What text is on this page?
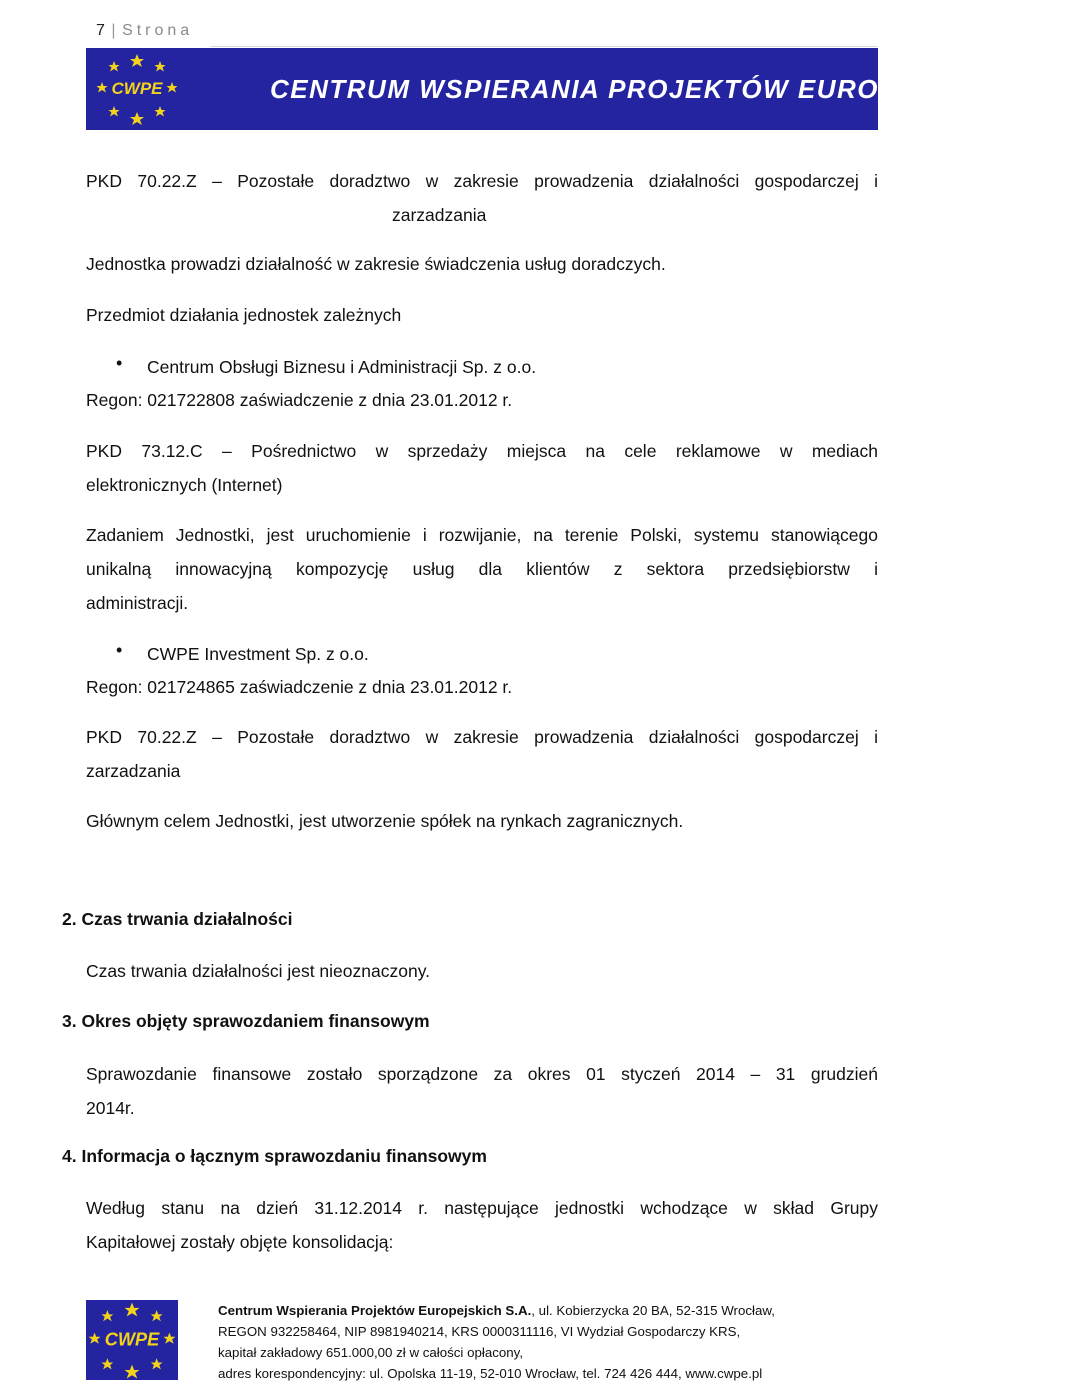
7 | Strona
CWPE	CENTRUM WSPIERANIA PROJEKTÓW EUROPEJSKICH S.A.
PKD 70.22.Z – Pozostałe doradztwo w zakresie prowadzenia działalności gospodarczej i
zarzadzania
Jednostka prowadzi działalność w zakresie świadczenia usług doradczych.
Przedmiot działania jednostek zależnych
• Centrum Obsługi Biznesu i Administracji Sp. z o.o.
Regon: 021722808 zaświadczenie z dnia 23.01.2012 r.
PKD 73.12.C – Pośrednictwo w sprzedaży miejsca na cele reklamowe w mediach
elektronicznych (Internet)
Zadaniem Jednostki, jest uruchomienie i rozwijanie, na terenie Polski, systemu stanowiącego
unikalną innowacyjną kompozycję usług dla klientów z sektora przedsiębiorstw i
administracji.
• CWPE Investment Sp. z o.o.
Regon: 021724865 zaświadczenie z dnia 23.01.2012 r.
PKD 70.22.Z – Pozostałe doradztwo w zakresie prowadzenia działalności gospodarczej i
zarzadzania
Głównym celem Jednostki, jest utworzenie spółek na rynkach zagranicznych.
2. Czas trwania działalności
Czas trwania działalności jest nieoznaczony.
3. Okres objęty sprawozdaniem finansowym
Sprawozdanie finansowe zostało sporządzone za okres 01 styczeń 2014 – 31 grudzień
2014r.
4. Informacja o łącznym sprawozdaniu finansowym
Według stanu na dzień 31.12.2014 r. następujące jednostki wchodzące w skład Grupy
Kapitałowej zostały objęte konsolidacją:
CWPE
Centrum Wspierania Projektów Europejskich S.A., ul. Kobierzycka 20 BA, 52-315 Wrocław,
REGON 932258464, NIP 8981940214, KRS 0000311116, VI Wydział Gospodarczy KRS,
kapitał zakładowy 651.000,00 zł w całości opłacony,
adres korespondencyjny: ul. Opolska 11-19, 52-010 Wrocław, tel. 724 426 444, www.cwpe.pl
